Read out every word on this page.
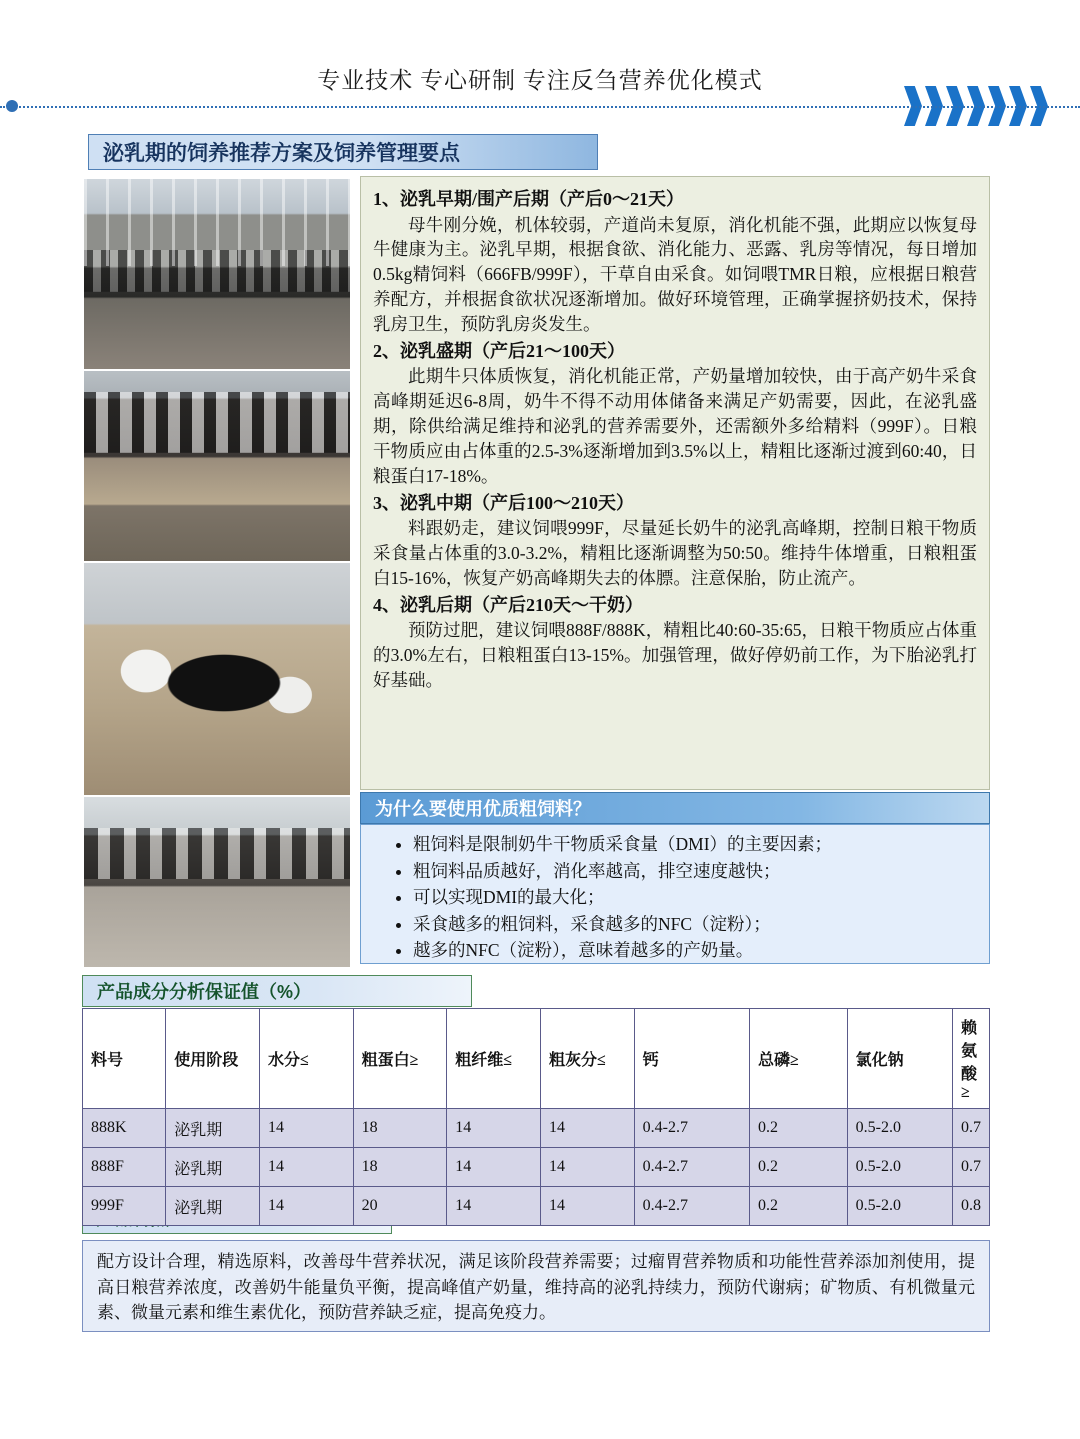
专业技术 专心研制 专注反刍营养优化模式
泌乳期的饲养推荐方案及饲养管理要点
为什么要使用优质粗饲料？
产品成分分析保证值（%）
产品特点
1、泌乳早期/围产后期（产后0～21天）

母牛刚分娩，机体较弱，产道尚未复原，消化机能不强，此期应以恢复母牛健康为主。泌乳早期，根据食欲、消化能力、恶露、乳房等情况，每日增加0.5kg精饲料（666FB/999F），干草自由采食。如饲喂TMR日粮，应根据日粮营养配方，并根据食欲状况逐渐增加。做好环境管理，正确掌握挤奶技术，保持乳房卫生，预防乳房炎发生。

2、泌乳盛期（产后21～100天）

此期牛只体质恢复，消化机能正常，产奶量增加较快，由于高产奶牛采食高峰期延迟6-8周，奶牛不得不动用体储备来满足产奶需要，因此，在泌乳盛期，除供给满足维持和泌乳的营养需要外，还需额外多给精料（999F）。日粮干物质应由占体重的2.5-3%逐渐增加到3.5%以上，精粗比逐渐过渡到60:40，日粮蛋白17-18%。

3、泌乳中期（产后100～210天）

料跟奶走，建议饲喂999F，尽量延长奶牛的泌乳高峰期，控制日粮干物质采食量占体重的3.0-3.2%，精粗比逐渐调整为50:50。维持牛体增重，日粮粗蛋白15-16%，恢复产奶高峰期失去的体膘。注意保胎，防止流产。

4、泌乳后期（产后210天～干奶）

预防过肥，建议饲喂888F/888K，精粗比40:60-35:65，日粮干物质应占体重的3.0%左右，日粮粗蛋白13-15%。加强管理，做好停奶前工作，为下胎泌乳打好基础。

• 粗饲料是限制奶牛干物质采食量（DMI）的主要因素；
• 粗饲料品质越好，消化率越高，排空速度越快；
• 可以实现DMI的最大化；
• 采食越多的粗饲料，采食越多的NFC（淀粉）；
• 越多的NFC（淀粉），意味着越多的产奶量。
料号	使用阶段	水分≤	粗蛋白≥	粗纤维≤	粗灰分≤	钙	总磷≥	氯化钠	赖氨酸≥
888K	泌乳期	14	18	14	14	0.4-2.7	0.2	0.5-2.0	0.7
888F	泌乳期	14	18	14	14	0.4-2.7	0.2	0.5-2.0	0.7
999F	泌乳期	14	20	14	14	0.4-2.7	0.2	0.5-2.0	0.8
配方设计合理，精选原料，改善母牛营养状况，满足该阶段营养需要；过瘤胃营养物质和功能性营养添加剂使用，提高日粮营养浓度，改善奶牛能量负平衡，提高峰值产奶量，维持高的泌乳持续力，预防代谢病；矿物质、有机微量元素、微量元素和维生素优化，预防营养缺乏症，提高免疫力。
